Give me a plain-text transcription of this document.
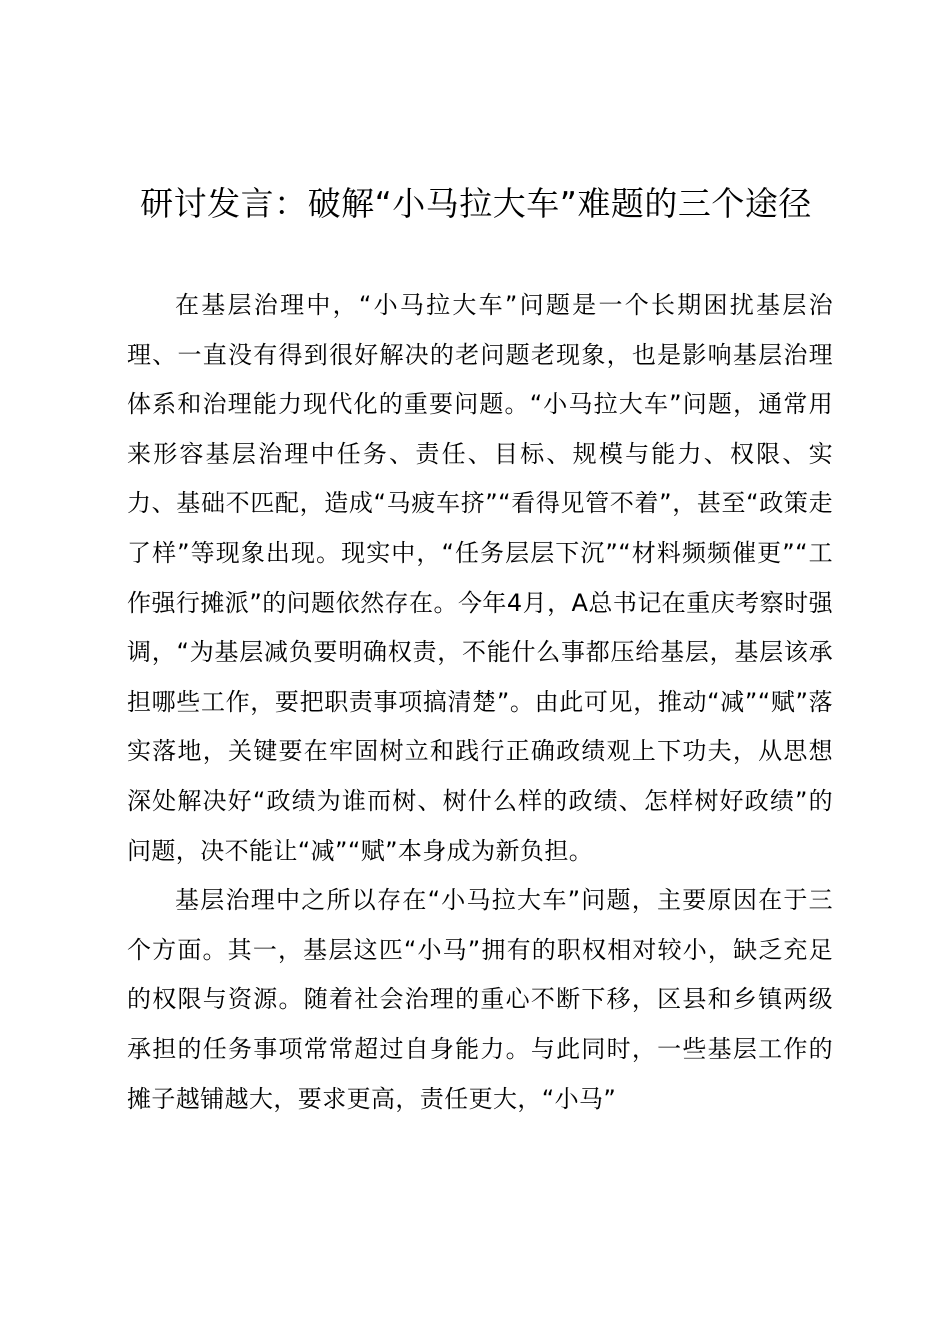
研讨发言：破解“小马拉大车”难题的三个途径

在基层治理中，“小马拉大车”问题是一个长期困扰基层治理、一直没有得到很好解决的老问题老现象，也是影响基层治理体系和治理能力现代化的重要问题。“小马拉大车”问题，通常用来形容基层治理中任务、责任、目标、规模与能力、权限、实力、基础不匹配，造成“马疲车挤”“看得见管不着”，甚至“政策走了样”等现象出现。现实中，“任务层层下沉”“材料频频催更”“工作强行摊派”的问题依然存在。今年4月，A总书记在重庆考察时强调，“为基层减负要明确权责，不能什么事都压给基层，基层该承担哪些工作，要把职责事项搞清楚”。由此可见，推动“减”“赋”落实落地，关键要在牢固树立和践行正确政绩观上下功夫，从思想深处解决好“政绩为谁而树、树什么样的政绩、怎样树好政绩”的问题，决不能让“减”“赋”本身成为新负担。

基层治理中之所以存在“小马拉大车”问题，主要原因在于三个方面。其一，基层这匹“小马”拥有的职权相对较小，缺乏充足的权限与资源。随着社会治理的重心不断下移，区县和乡镇两级承担的任务事项常常超过自身能力。与此同时，一些基层工作的摊子越铺越大，要求更高，责任更大，“小马”
